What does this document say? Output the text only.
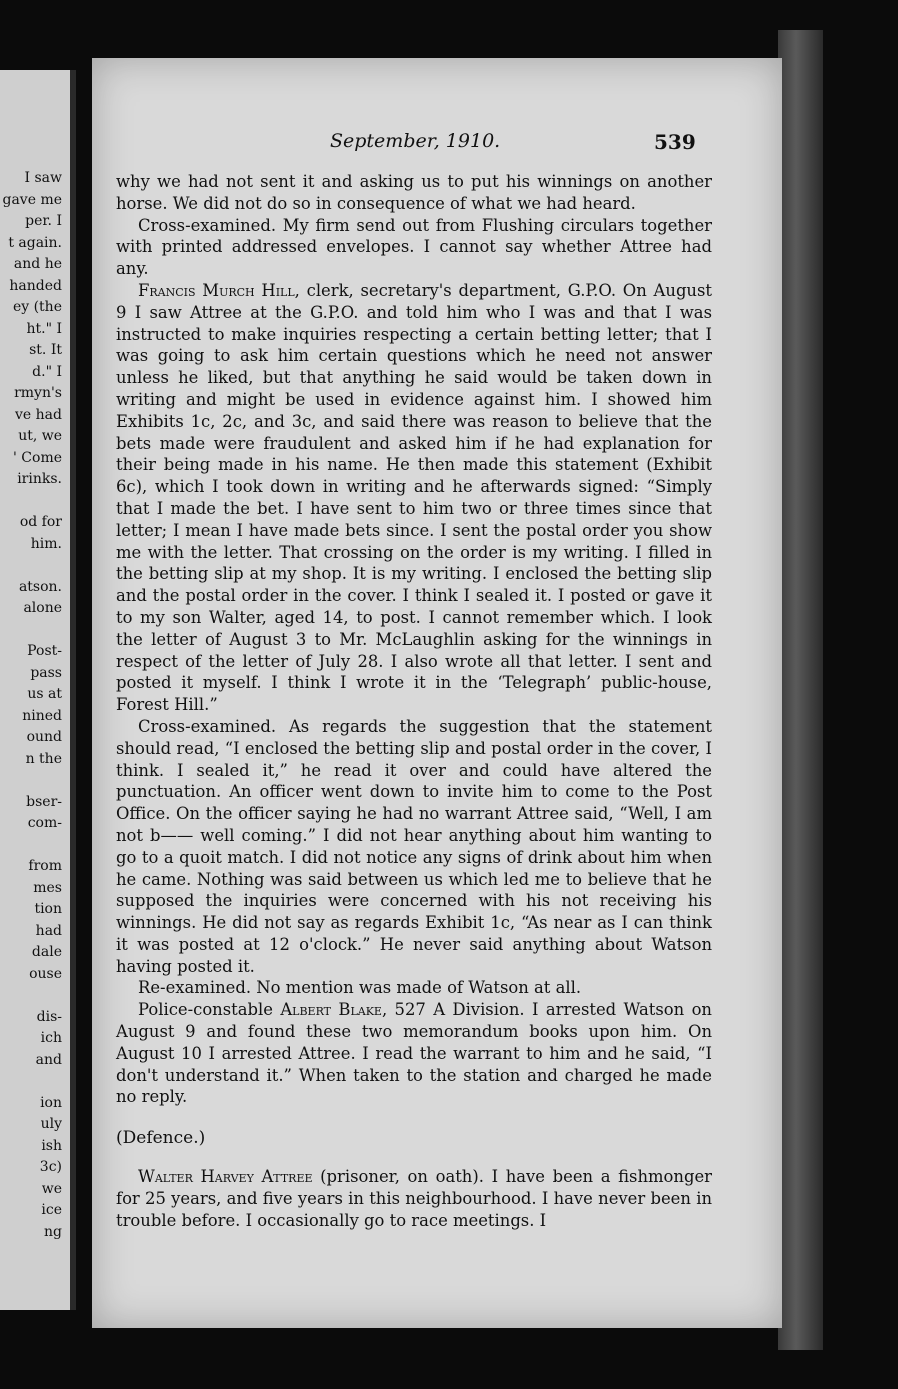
I saw
gave me
per. I
t again.
and he
handed
ey (the
ht." I
st. It
d." I
rmyn's
ve had
ut, we
' Come
irinks.
od for
him.
atson.
alone
Post-
pass
us at
nined
ound
n the
bser-
com-
from
mes
tion
had
dale
ouse
dis-
ich
and
ion
uly
ish
3c)
we
ice
ng
September, 1910.	539

why we had not sent it and asking us to put his winnings on another horse. We did not do so in consequence of what we had heard.

Cross-examined. My firm send out from Flushing circulars together with printed addressed envelopes. I cannot say whether Attree had any.

Francis Murch Hill, clerk, secretary's department, G.P.O. On August 9 I saw Attree at the G.P.O. and told him who I was and that I was instructed to make inquiries respecting a certain betting letter; that I was going to ask him certain questions which he need not answer unless he liked, but that anything he said would be taken down in writing and might be used in evidence against him. I showed him Exhibits 1c, 2c, and 3c, and said there was reason to believe that the bets made were fraudulent and asked him if he had explanation for their being made in his name. He then made this statement (Exhibit 6c), which I took down in writing and he afterwards signed: “Simply that I made the bet. I have sent to him two or three times since that letter; I mean I have made bets since. I sent the postal order you show me with the letter. That crossing on the order is my writing. I filled in the betting slip at my shop. It is my writing. I enclosed the betting slip and the postal order in the cover. I think I sealed it. I posted or gave it to my son Walter, aged 14, to post. I cannot remember which. I look the letter of August 3 to Mr. McLaughlin asking for the winnings in respect of the letter of July 28. I also wrote all that letter. I sent and posted it myself. I think I wrote it in the ‘Telegraph’ public-house, Forest Hill.”

Cross-examined. As regards the suggestion that the statement should read, “I enclosed the betting slip and postal order in the cover, I think. I sealed it,” he read it over and could have altered the punctuation. An officer went down to invite him to come to the Post Office. On the officer saying he had no warrant Attree said, “Well, I am not b—— well coming.” I did not hear anything about him wanting to go to a quoit match. I did not notice any signs of drink about him when he came. Nothing was said between us which led me to believe that he supposed the inquiries were concerned with his not receiving his winnings. He did not say as regards Exhibit 1c, “As near as I can think it was posted at 12 o'clock.” He never said anything about Watson having posted it.

Re-examined. No mention was made of Watson at all.

Police-constable Albert Blake, 527 A Division. I arrested Watson on August 9 and found these two memorandum books upon him. On August 10 I arrested Attree. I read the warrant to him and he said, “I don't understand it.” When taken to the station and charged he made no reply.

(Defence.)

Walter Harvey Attree (prisoner, on oath). I have been a fishmonger for 25 years, and five years in this neighbourhood. I have never been in trouble before. I occasionally go to race meetings. I
